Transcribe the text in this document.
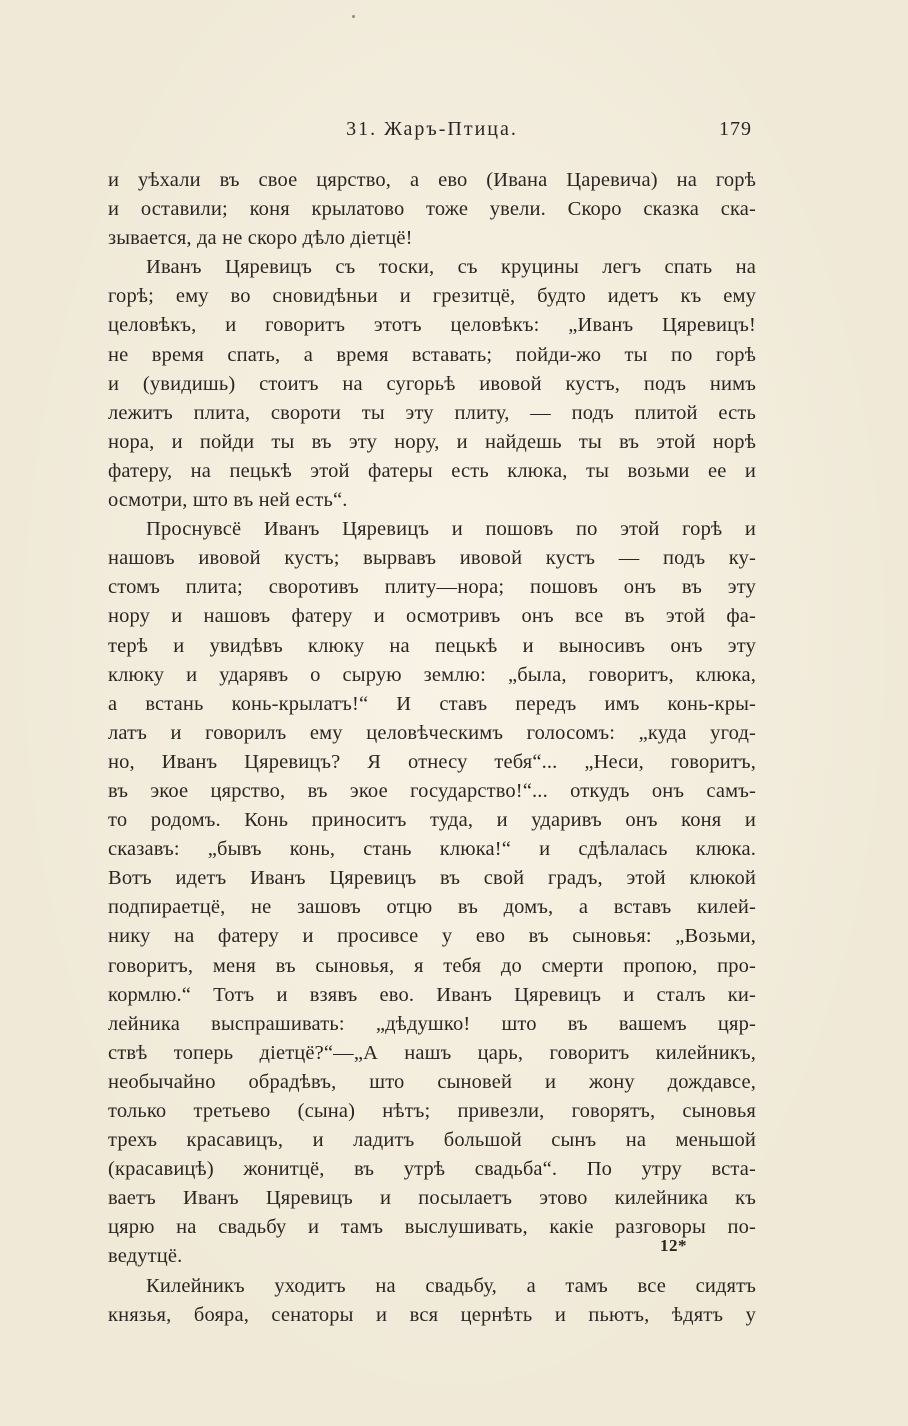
31. Жаръ-Птица.	179
и уѣхали въ свое цярство, а ево (Ивана Царевича) на горѣ
и оставили; коня крылатово тоже увели. Скоро сказка ска-
зывается, да не скоро дѣло діетцё!
Иванъ Цяревицъ съ тоски, съ круцины легъ спать на
горѣ; ему во сновидѣньи и грезитцё, будто идетъ къ ему
целовѣкъ, и говоритъ этотъ целовѣкъ: „Иванъ Цяревицъ!
не время спать, а время вставать; пойди-жо ты по горѣ
и (увидишь) стоитъ на сугорьѣ ивовой кустъ, подъ нимъ
лежитъ плита, свороти ты эту плиту, — подъ плитой есть
нора, и пойди ты въ эту нору, и найдешь ты въ этой норѣ
фатеру, на пецькѣ этой фатеры есть клюка, ты возьми ее и
осмотри, што въ ней есть“.
Проснувсё Иванъ Цяревицъ и пошовъ по этой горѣ и
нашовъ ивовой кустъ; вырвавъ ивовой кустъ — подъ ку-
стомъ плита; своротивъ плиту—нора; пошовъ онъ въ эту
нору и нашовъ фатеру и осмотривъ онъ все въ этой фа-
терѣ и увидѣвъ клюку на пецькѣ и выносивъ онъ эту
клюку и ударявъ о сырую землю: „была, говоритъ, клюка,
а встань конь-крылатъ!“ И ставъ передъ имъ конь-кры-
латъ и говорилъ ему целовѣческимъ голосомъ: „куда угод-
но, Иванъ Цяревицъ? Я отнесу тебя“... „Неси, говоритъ,
въ экое цярство, въ экое государство!“... откудъ онъ самъ-
то родомъ. Конь приноситъ туда, и ударивъ онъ коня и
сказавъ: „бывъ конь, стань клюка!“ и сдѣлалась клюка.
Вотъ идетъ Иванъ Цяревицъ въ свой градъ, этой клюкой
подпираетцё, не зашовъ отцю въ домъ, а вставъ килей-
нику на фатеру и просивсе у ево въ сыновья: „Возьми,
говоритъ, меня въ сыновья, я тебя до смерти пропою, про-
кормлю.“ Тотъ и взявъ ево. Иванъ Цяревицъ и сталъ ки-
лейника выспрашивать: „дѣдушко! што въ вашемъ цяр-
ствѣ топерь діетцё?“—„А нашъ царь, говоритъ килейникъ,
необычайно обрадѣвъ, што сыновей и жону дождавсе,
только третьево (сына) нѣтъ; привезли, говорятъ, сыновья
трехъ красавицъ, и ладитъ большой сынъ на меньшой
(красавицѣ) жонитцё, въ утрѣ свадьба“. По утру вста-
ваетъ Иванъ Цяревицъ и посылаетъ этово килейника къ
цярю на свадьбу и тамъ выслушивать, какіе разговоры по-
ведутцё.
Килейникъ уходитъ на свадьбу, а тамъ все сидятъ
князья, бояра, сенаторы и вся цернѣть и пьютъ, ѣдятъ у
12*
